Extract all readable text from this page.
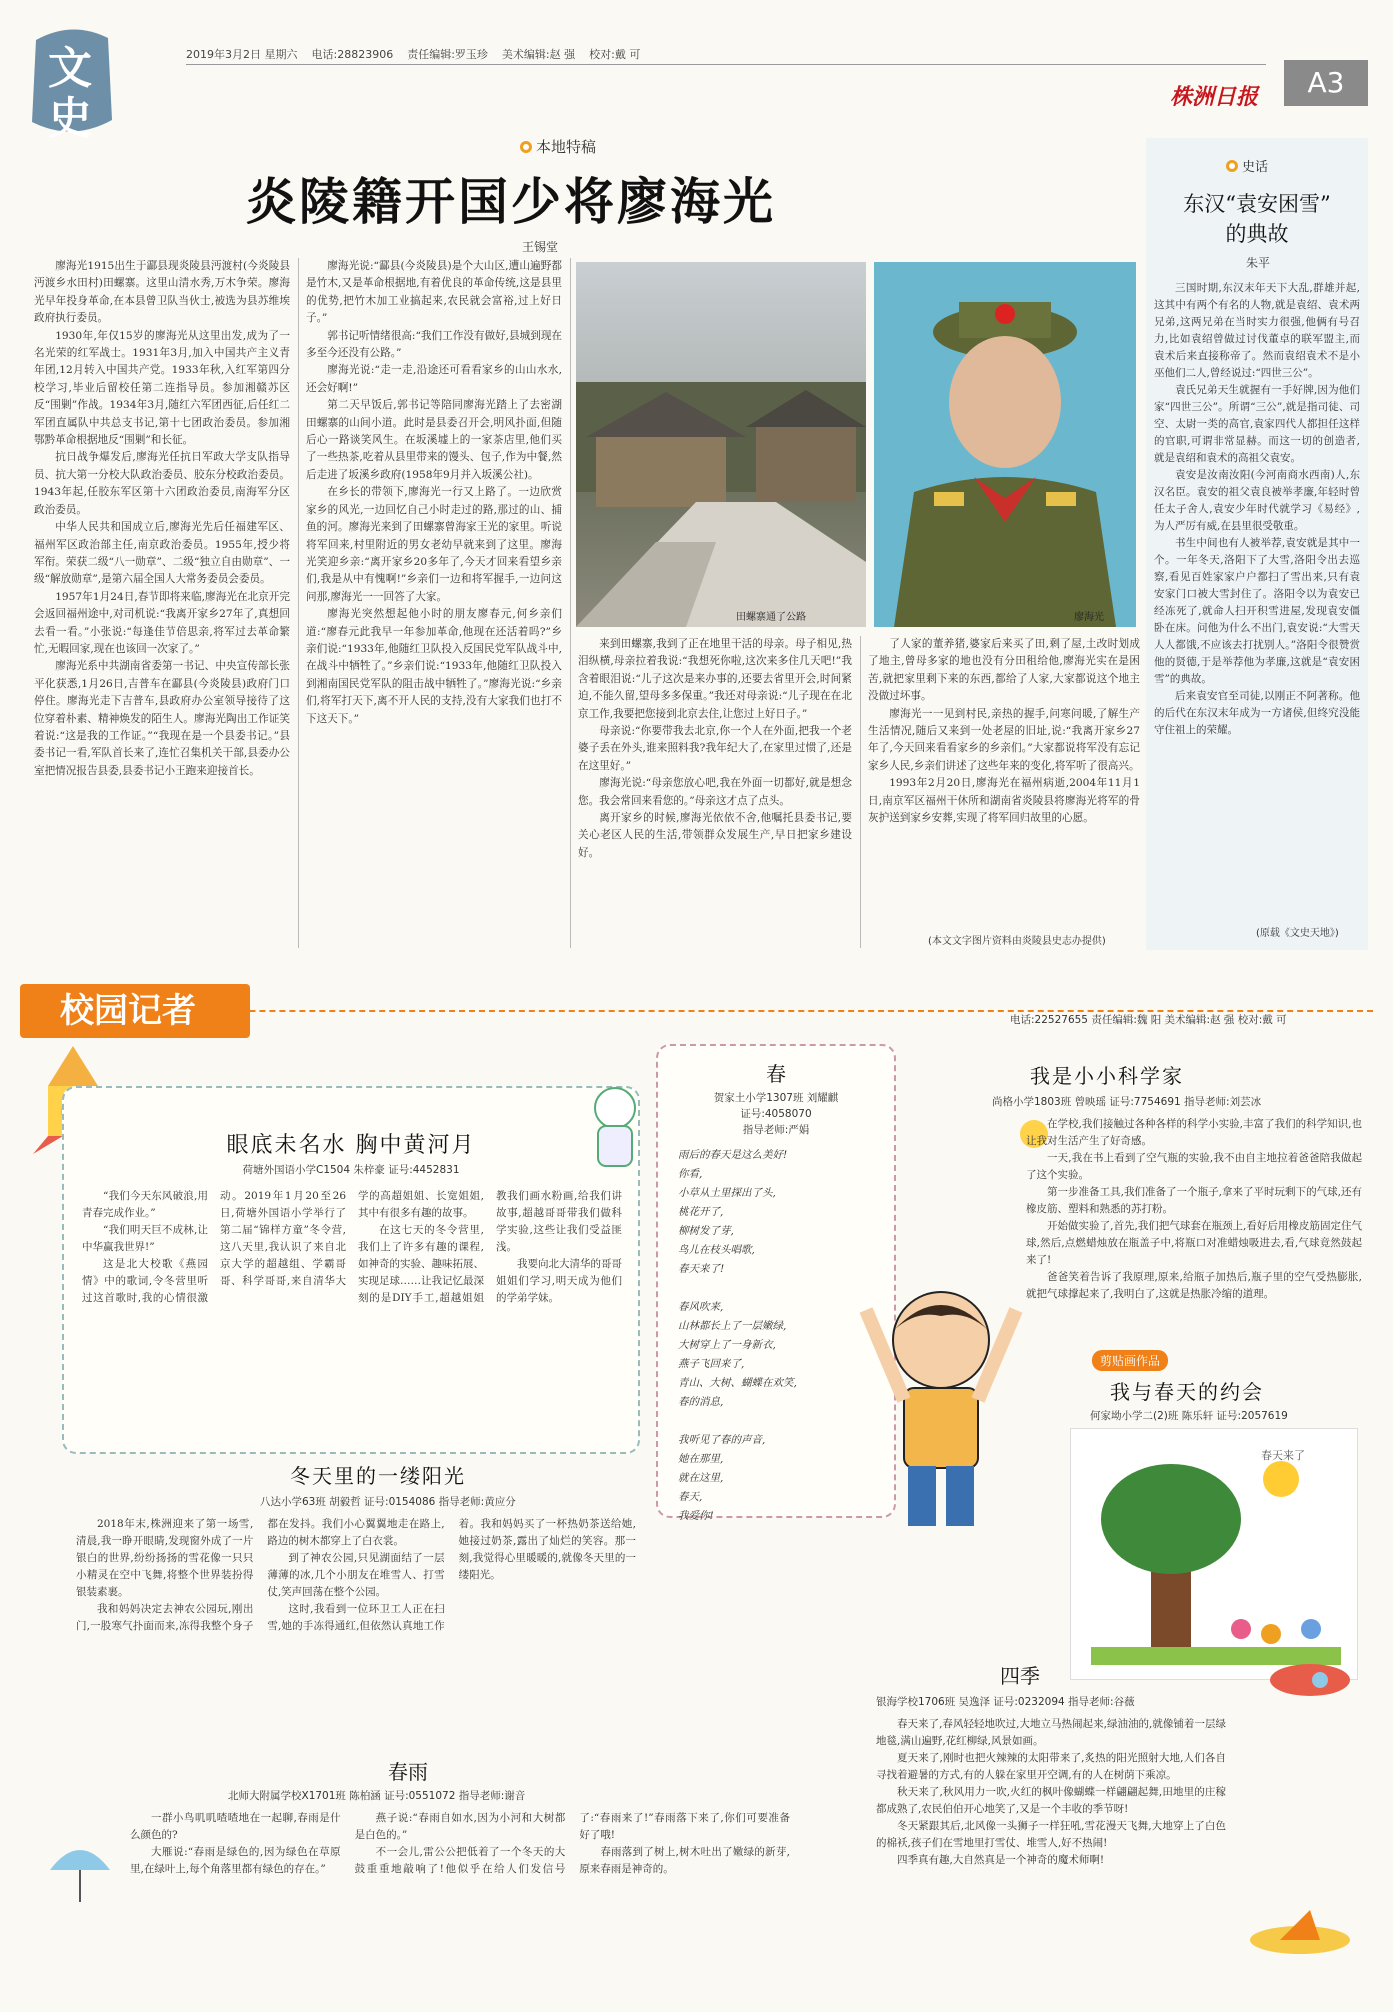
文
史
2019年3月2日 星期六 电话:28823906 责任编辑:罗玉珍 美术编辑:赵 强 校对:戴 可
株洲日报	A3
本地特稿
炎陵籍开国少将廖海光
王锡堂

廖海光1915出生于酃县现炎陵县沔渡村(今炎陵县沔渡乡水田村)田螺寨。这里山清水秀,万木争荣。廖海光早年投身革命,在本县曾卫队当伙士,被选为县苏维埃政府执行委员。

1930年,年仅15岁的廖海光从这里出发,成为了一名光荣的红军战士。1931年3月,加入中国共产主义青年团,12月转入中国共产党。1933年秋,入红军第四分校学习,毕业后留校任第二连指导员。参加湘赣苏区反“围剿”作战。1934年3月,随红六军团西征,后任红二军团直属队中共总支书记,第十七团政治委员。参加湘鄂黔革命根据地反“围剿”和长征。

抗日战争爆发后,廖海光任抗日军政大学支队指导员、抗大第一分校大队政治委员、胶东分校政治委员。1943年起,任胶东军区第十六团政治委员,南海军分区政治委员。

中华人民共和国成立后,廖海光先后任福建军区、福州军区政治部主任,南京政治委员。1955年,授少将军衔。荣获二级“八一勋章”、二级“独立自由勋章”、一级“解放勋章”,是第六届全国人大常务委员会委员。

1957年1月24日,春节即将来临,廖海光在北京开完会返回福州途中,对司机说:“我离开家乡27年了,真想回去看一看。”小张说:“每逢佳节倍思亲,将军过去革命繁忙,无暇回家,现在也该回一次家了。”

廖海光系中共湖南省委第一书记、中央宣传部长张平化获悉,1月26日,吉普车在酃县(今炎陵县)政府门口停住。廖海光走下吉普车,县政府办公室领导接待了这位穿着朴素、精神焕发的陌生人。廖海光陶出工作证笑着说:“这是我的工作证。”“我现在是一个县委书记。”县委书记一看,军队首长来了,连忙召集机关干部,县委办公室把情况报告县委,县委书记小王跑来迎接首长。

廖海光说:“酃县(今炎陵县)是个大山区,遭山遍野都是竹木,又是革命根据地,有着优良的革命传统,这是县里的优势,把竹木加工业搞起来,农民就会富裕,过上好日子。”

郭书记听情绪很高:“我们工作没有做好,县城到现在多至今还没有公路。”

廖海光说:“走一走,沿途还可看看家乡的山山水水,还会好啊!”

第二天早饭后,郭书记等陪同廖海光踏上了去密湖田螺寨的山间小道。此时是县委召开会,明风扑面,但随后心一路谈笑风生。在坂溪墟上的一家茶店里,他们买了一些热茶,吃着从县里带来的馒头、包子,作为中餐,然后走进了坂溪乡政府(1958年9月并入坂溪公社)。

在乡长的带领下,廖海光一行又上路了。一边欣赏家乡的风光,一边回忆自己小时走过的路,那过的山、捕鱼的河。廖海光来到了田螺寨曾海家王光的家里。听说将军回来,村里附近的男女老幼早就来到了这里。廖海光笑迎乡亲:“离开家乡20多年了,今天才回来看望乡亲们,我是从中有愧啊!”乡亲们一边和将军握手,一边问这问那,廖海光一一回答了大家。

廖海光突然想起他小时的朋友廖春元,何乡亲们道:“廖春元此我早一年参加革命,他现在还活着吗?”乡亲们说:“1933年,他随红卫队投入反国民党军队战斗中,在战斗中牺牲了。”乡亲们说:“1933年,他随红卫队投入到湘南国民党军队的阻击战中牺牲了。”廖海光说:“乡亲们,将军打天下,离不开人民的支持,没有大家我们也打不下这天下。”

田螺寨通了公路	廖海光

来到田螺寨,我到了正在地里干活的母亲。母子相见,热泪纵横,母亲拉着我说:“我想死你啦,这次来多住几天吧!”我含着眼泪说:“儿子这次是来办事的,还要去省里开会,时间紧迫,不能久留,望母多多保重。”我还对母亲说:“儿子现在在北京工作,我要把您接到北京去住,让您过上好日子。”

母亲说:“你要带我去北京,你一个人在外面,把我一个老婆子丢在外头,谁来照料我?我年纪大了,在家里过惯了,还是在这里好。”

廖海光说:“母亲您放心吧,我在外面一切都好,就是想念您。我会常回来看您的。”母亲这才点了点头。

离开家乡的时候,廖海光依依不舍,他嘱托县委书记,要关心老区人民的生活,带领群众发展生产,早日把家乡建设好。

了人家的董养猪,婆家后来买了田,剩了屋,土改时划成了地主,曾母多家的地也没有分田租给他,廖海光实在是困苦,就把家里剩下来的东西,都给了人家,大家都说这个地主没做过坏事。

廖海光一一见到村民,亲热的握手,问寒问暖,了解生产生活情况,随后又来到一处老屋的旧址,说:“我离开家乡27年了,今天回来看看家乡的乡亲们。”大家都说将军没有忘记家乡人民,乡亲们讲述了这些年来的变化,将军听了很高兴。

1993年2月20日,廖海光在福州病逝,2004年11月1日,南京军区福州干休所和湖南省炎陵县将廖海光将军的骨灰护送到家乡安葬,实现了将军回归故里的心愿。

(本文文字图片资料由炎陵县史志办提供)
史话
东汉“袁安困雪”
的典故
朱平

三国时期,东汉末年天下大乱,群雄并起,这其中有两个有名的人物,就是袁绍、袁术两兄弟,这两兄弟在当时实力很强,他俩有号召力,比如袁绍曾做过讨伐董卓的联军盟主,而袁术后来直接称帝了。然而袁绍袁术不是小巫他们二人,曾经说过:“四世三公”。

袁氏兄弟天生就握有一手好牌,因为他们家“四世三公”。所谓“三公”,就是指司徒、司空、太尉一类的高官,袁家四代人都担任这样的官职,可谓非常显赫。而这一切的创造者,就是袁绍和袁术的高祖父袁安。

袁安是汝南汝阳(今河南商水西南)人,东汉名臣。袁安的祖父袁良被举孝廉,年轻时曾任太子舍人,袁安少年时代就学习《易经》,为人严厉有威,在县里很受敬重。

书生中间也有人被举荐,袁安就是其中一个。一年冬天,洛阳下了大雪,洛阳令出去巡察,看见百姓家家户户都扫了雪出来,只有袁安家门口被大雪封住了。洛阳令以为袁安已经冻死了,就命人扫开积雪进屋,发现袁安僵卧在床。问他为什么不出门,袁安说:“大雪天人人都饿,不应该去打扰别人。”洛阳令很赞赏他的贤德,于是举荐他为孝廉,这就是“袁安困雪”的典故。

后来袁安官至司徒,以刚正不阿著称。他的后代在东汉末年成为一方诸侯,但终究没能守住祖上的荣耀。

(原载《文史天地》)
校园记者	电话:22527655 责任编辑:魏 阳 美术编辑:赵 强 校对:戴 可
眼底未名水 胸中黄河月
荷塘外国语小学C1504 朱梓豪 证号:4452831

“我们今天东风破浪,用青春完成作业。”

“我们明天巨不成林,让中华赢我世界!”

这是北大校歌《燕园情》中的歌词,令冬营里听过这首歌时,我的心情很激动。2019年1月20至26日,荷塘外国语小学举行了第二届“锦样方童”冬令营,这八天里,我认识了来自北京大学的超越组、学霸哥哥、科学哥哥,来自清华大学的高超姐姐、长宽姐姐,其中有很多有趣的故事。

在这七天的冬令营里,我们上了许多有趣的课程,如神奇的实验、趣味拓展、实现足球……让我记忆最深刻的是DIY手工,超越姐姐教我们画水粉画,给我们讲故事,超越哥哥带我们做科学实验,这些让我们受益匪浅。

我要向北大清华的哥哥姐姐们学习,明天成为他们的学弟学妹。

冬天里的一缕阳光
八达小学63班 胡毅哲 证号:0154086 指导老师:黄应分

2018年末,株洲迎来了第一场雪,清晨,我一睁开眼睛,发现窗外成了一片银白的世界,纷纷扬扬的雪花像一只只小精灵在空中飞舞,将整个世界装扮得银装素裹。

我和妈妈决定去神农公园玩,刚出门,一股寒气扑面而来,冻得我整个身子都在发抖。我们小心翼翼地走在路上,路边的树木都穿上了白衣裳。

到了神农公园,只见湖面结了一层薄薄的冰,几个小朋友在堆雪人、打雪仗,笑声回荡在整个公园。

这时,我看到一位环卫工人正在扫雪,她的手冻得通红,但依然认真地工作着。我和妈妈买了一杯热奶茶送给她,她接过奶茶,露出了灿烂的笑容。那一刻,我觉得心里暖暖的,就像冬天里的一缕阳光。

春雨
北师大附属学校X1701班 陈柏涵 证号:0551072 指导老师:谢音

一群小鸟叽叽喳喳地在一起聊,春雨是什么颜色的?

大雁说:“春雨是绿色的,因为绿色在草原里,在绿叶上,每个角落里都有绿色的存在。”

燕子说:“春雨自如水,因为小河和大树都是白色的。”

不一会儿,雷公公把低着了一个冬天的大鼓重重地敲响了!他似乎在给人们发信号了:“春雨来了!”春雨落下来了,你们可要准备好了哦!

春雨落到了树上,树木吐出了嫩绿的新芽,原来春雨是神奇的。

春
贺家土小学1307班 刘耀麒
证号:4058070
指导老师:严娟
雨后的春天是这么美好!
你看,
小草从土里探出了头,
桃花开了,
柳树发了芽,
鸟儿在枝头唱歌,
春天来了!

春风吹来,
山林都长上了一层嫩绿,
大树穿上了一身新衣,
燕子飞回来了,
青山、大树、蝴蝶在欢笑,
春的消息,

我听见了春的声音,
她在那里,
就在这里,
春天,
我爱你!
我是小小科学家
尚格小学1803班 曾映瑶 证号:7754691 指导老师:刘芸冰

在学校,我们接触过各种各样的科学小实验,丰富了我们的科学知识,也让我对生活产生了好奇感。

一天,我在书上看到了空气瓶的实验,我不由自主地拉着爸爸陪我做起了这个实验。

第一步准备工具,我们准备了一个瓶子,拿来了平时玩剩下的气球,还有橡皮筋、塑料和熟悉的苏打粉。

开始做实验了,首先,我们把气球套在瓶颈上,看好后用橡皮筋固定住气球,然后,点燃蜡烛放在瓶盖子中,将瓶口对准蜡烛吸进去,看,气球竟然鼓起来了!

爸爸笑着告诉了我原理,原来,给瓶子加热后,瓶子里的空气受热膨胀,就把气球撑起来了,我明白了,这就是热胀冷缩的道理。

剪贴画作品
我与春天的约会
何家坳小学二(2)班 陈乐轩 证号:2057619
春天来了
四季
银海学校1706班 吴逸泽 证号:0232094 指导老师:谷薇

春天来了,春风轻轻地吹过,大地立马热闹起来,绿油油的,就像铺着一层绿地毯,满山遍野,花红柳绿,风景如画。

夏天来了,刚时也把火辣辣的太阳带来了,炙热的阳光照射大地,人们各自寻找着避暑的方式,有的人躲在家里开空调,有的人在树荫下乘凉。

秋天来了,秋风用力一吹,火红的枫叶像蝴蝶一样翩翩起舞,田地里的庄稼都成熟了,农民伯伯开心地笑了,又是一个丰收的季节呀!

冬天紧跟其后,北风像一头狮子一样狂吼,雪花漫天飞舞,大地穿上了白色的棉袄,孩子们在雪地里打雪仗、堆雪人,好不热闹!

四季真有趣,大自然真是一个神奇的魔术师啊!
